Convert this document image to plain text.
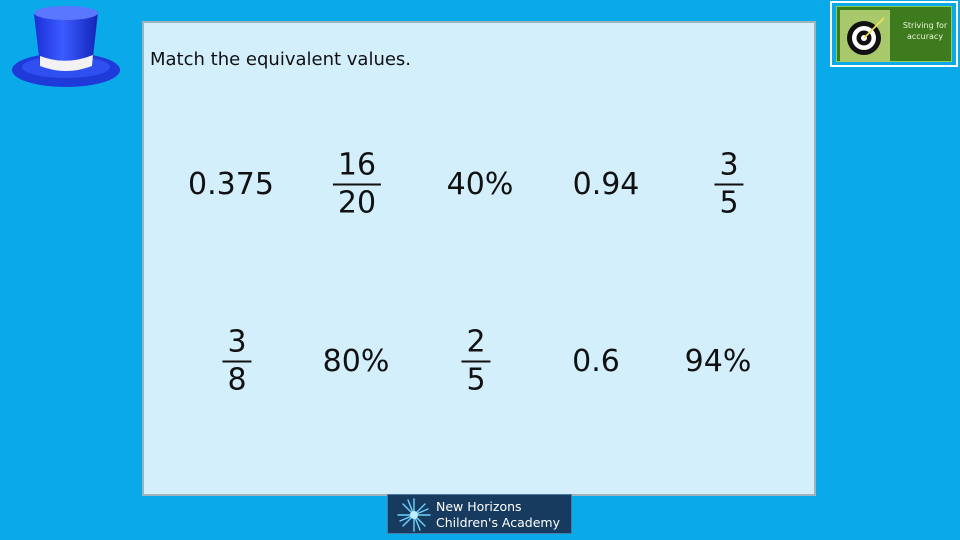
Match the equivalent values.
$0.375 \frac{16}{20} 40\%$ 0.94	$\frac{3}{5}$
$\frac{3}{8} 80\% \frac{2}{5}$	0.6 94%
Striving for
accuracy
New Horizons
Children's Academy
